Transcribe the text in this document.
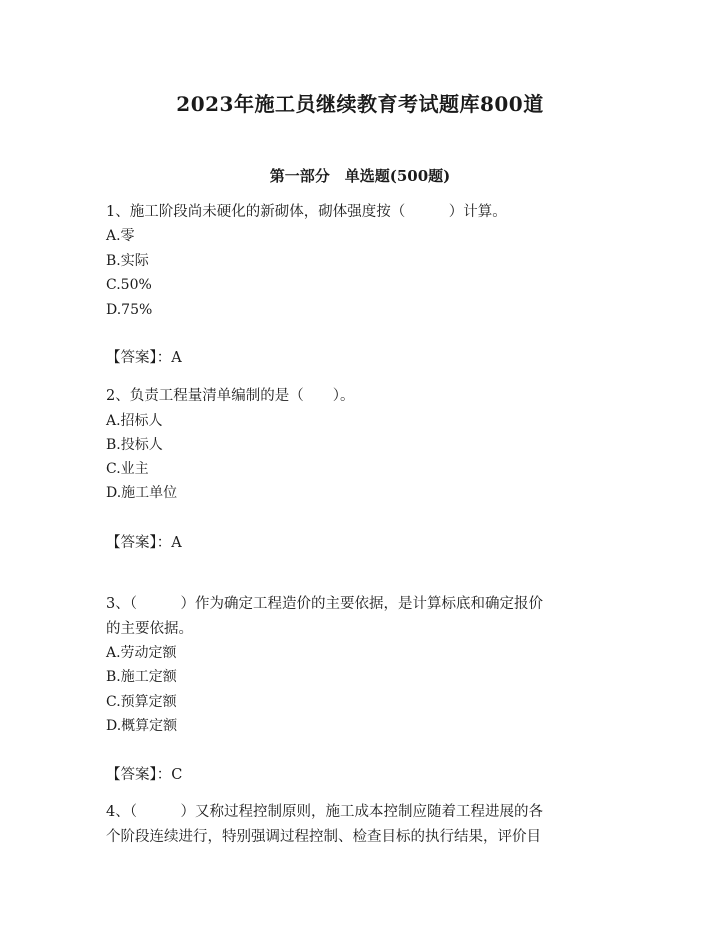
2023年施工员继续教育考试题库800道
第一部分　单选题(500题)
1、施工阶段尚未硬化的新砌体，砌体强度按（　　　）计算。
A.零
B.实际
C.50%
D.75%
【答案】：A
2、负责工程量清单编制的是（　　）。
A.招标人
B.投标人
C.业主
D.施工单位
【答案】：A
3、（　　　）作为确定工程造价的主要依据，是计算标底和确定报价
的主要依据。
A.劳动定额
B.施工定额
C.预算定额
D.概算定额
【答案】：C
4、（　　　）又称过程控制原则，施工成本控制应随着工程进展的各
个阶段连续进行，特别强调过程控制、检查目标的执行结果，评价目
